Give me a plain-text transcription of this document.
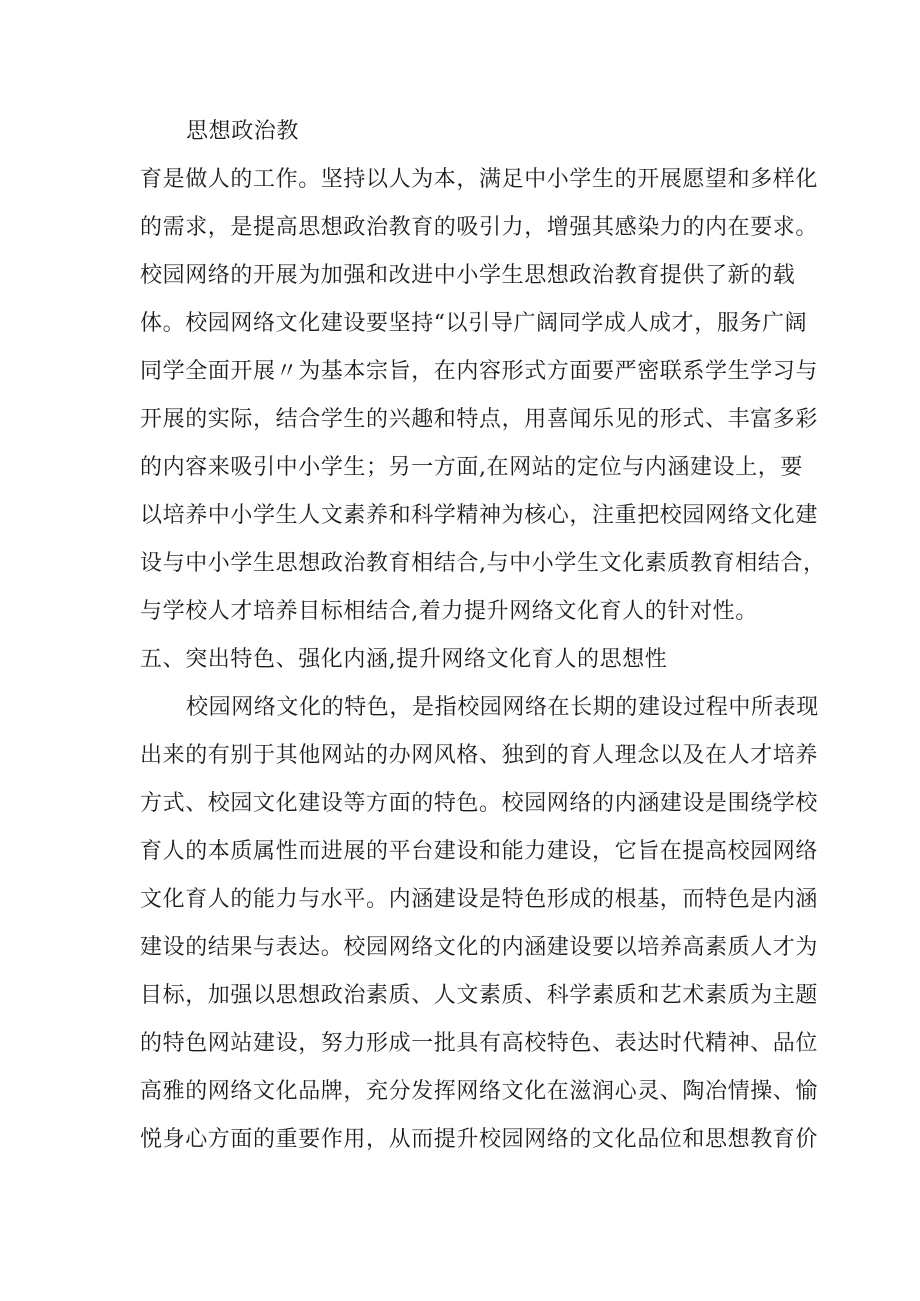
思想政治教
育是做人的工作。坚持以人为本，满足中小学生的开展愿望和多样化
的需求，是提高思想政治教育的吸引力，增强其感染力的内在要求。
校园网络的开展为加强和改进中小学生思想政治教育提供了新的载
体。校园网络文化建设要坚持“以引导广阔同学成人成才，服务广阔
同学全面开展〃为基本宗旨，在内容形式方面要严密联系学生学习与
开展的实际，结合学生的兴趣和特点，用喜闻乐见的形式、丰富多彩
的内容来吸引中小学生；另一方面,在网站的定位与内涵建设上，要
以培养中小学生人文素养和科学精神为核心，注重把校园网络文化建
设与中小学生思想政治教育相结合,与中小学生文化素质教育相结合，
与学校人才培养目标相结合,着力提升网络文化育人的针对性。
五、突出特色、强化内涵,提升网络文化育人的思想性
校园网络文化的特色，是指校园网络在长期的建设过程中所表现
出来的有别于其他网站的办网风格、独到的育人理念以及在人才培养
方式、校园文化建设等方面的特色。校园网络的内涵建设是围绕学校
育人的本质属性而进展的平台建设和能力建设，它旨在提高校园网络
文化育人的能力与水平。内涵建设是特色形成的根基，而特色是内涵
建设的结果与表达。校园网络文化的内涵建设要以培养高素质人才为
目标，加强以思想政治素质、人文素质、科学素质和艺术素质为主题
的特色网站建设，努力形成一批具有高校特色、表达时代精神、品位
高雅的网络文化品牌，充分发挥网络文化在滋润心灵、陶冶情操、愉
悦身心方面的重要作用，从而提升校园网络的文化品位和思想教育价
